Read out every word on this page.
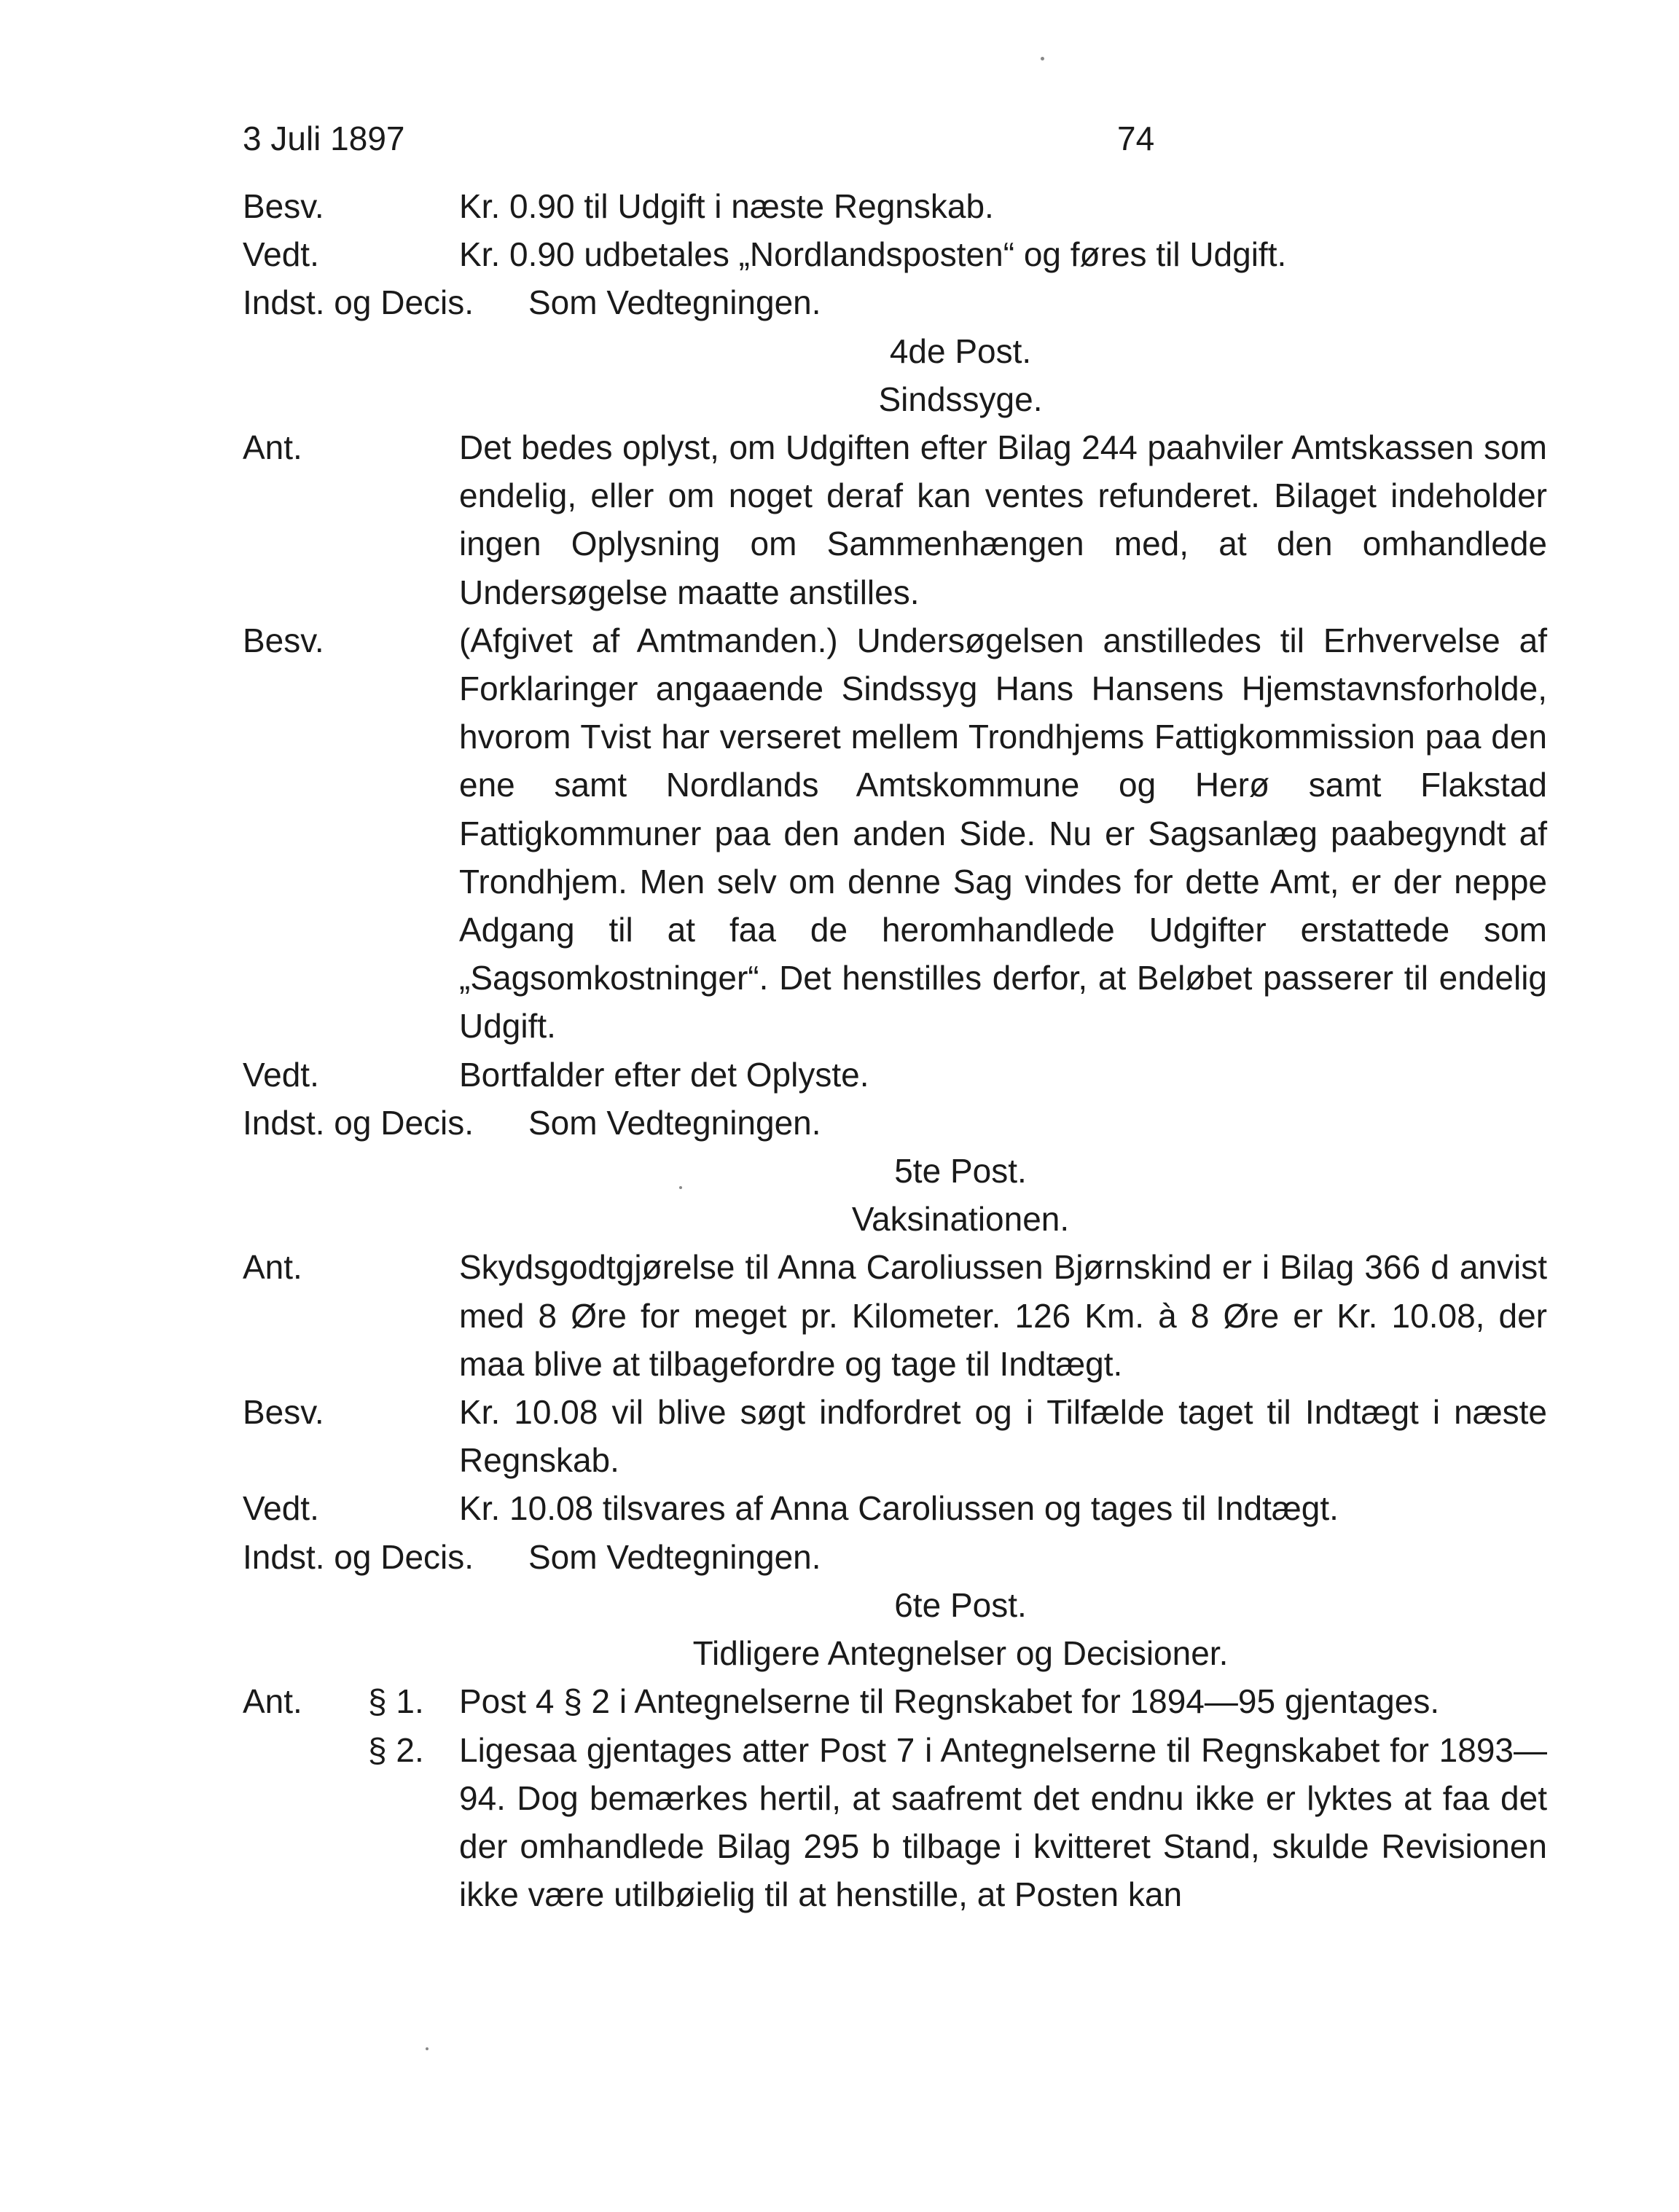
3 Juli 1897	74
Besv.	Kr. 0.90 til Udgift i næste Regnskab.
Vedt.	Kr. 0.90 udbetales „Nordlandsposten“ og føres til Udgift.
Indst. og Decis. Som Vedtegningen.
4de Post.
Sindssyge.
Ant.	Det bedes oplyst, om Udgiften efter Bilag 244 paahviler Amtskassen som endelig, eller om noget deraf kan ventes refunderet. Bilaget indeholder ingen Oplysning om Sammenhængen med, at den omhandlede Undersøgelse maatte anstilles.
Besv.	(Afgivet af Amtmanden.) Undersøgelsen anstilledes til Erhvervelse af Forklaringer angaaende Sindssyg Hans Hansens Hjemstavnsforholde, hvorom Tvist har verseret mellem Trondhjems Fattigkommission paa den ene samt Nordlands Amtskommune og Herø samt Flakstad Fattigkommuner paa den anden Side. Nu er Sagsanlæg paabegyndt af Trondhjem. Men selv om denne Sag vindes for dette Amt, er der neppe Adgang til at faa de heromhandlede Udgifter erstattede som „Sagsomkostninger“. Det henstilles derfor, at Beløbet passerer til endelig Udgift.
Vedt.	Bortfalder efter det Oplyste.
Indst. og Decis. Som Vedtegningen.
5te Post.
Vaksinationen.
Ant.	Skydsgodtgjørelse til Anna Caroliussen Bjørnskind er i Bilag 366 d anvist med 8 Øre for meget pr. Kilometer. 126 Km. à 8 Øre er Kr. 10.08, der maa blive at tilbagefordre og tage til Indtægt.
Besv.	Kr. 10.08 vil blive søgt indfordret og i Tilfælde taget til Indtægt i næste Regnskab.
Vedt.	Kr. 10.08 tilsvares af Anna Caroliussen og tages til Indtægt.
Indst. og Decis. Som Vedtegningen.
6te Post.
Tidligere Antegnelser og Decisioner.
Ant. § 1. Post 4 § 2 i Antegnelserne til Regnskabet for 1894—95 gjentages.
§ 2. Ligesaa gjentages atter Post 7 i Antegnelserne til Regnskabet for 1893—94. Dog bemærkes hertil, at saafremt det endnu ikke er lyktes at faa det der omhandlede Bilag 295 b tilbage i kvitteret Stand, skulde Revisionen ikke være utilbøielig til at henstille, at Posten kan
